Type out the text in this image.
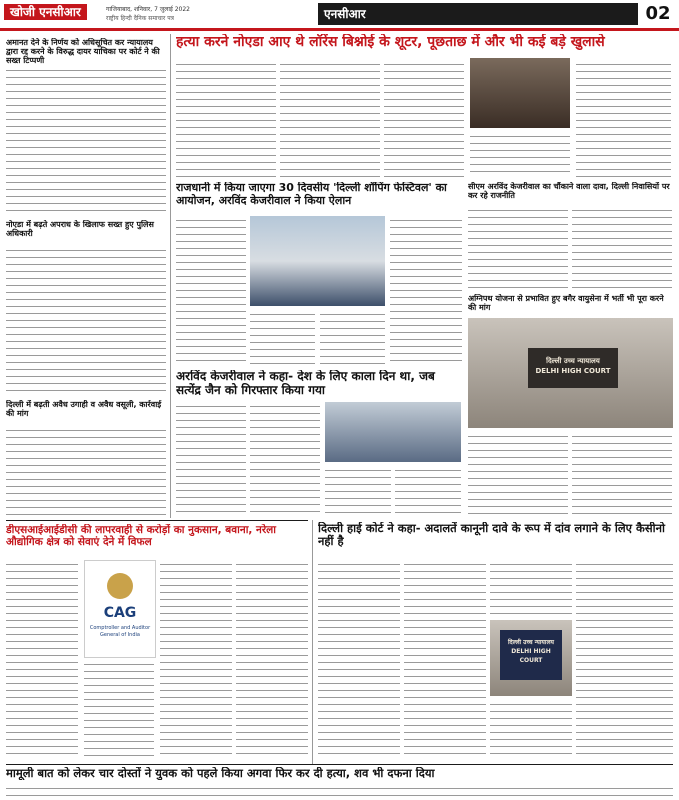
खोजी एनसीआर	गाजियाबाद, शनिवार, 7 जुलाई 2022
राष्ट्रीय हिन्दी दैनिक समाचार पत्र	एनसीआर	02
अमानत देने के निर्णय को अधिसूचित कर न्यायालय द्वारा रद्द करने के विरुद्ध दायर याचिका पर कोर्ट ने की सख्त टिप्पणी
नोएडा में बढ़ते अपराध के खिलाफ सख्त हुए पुलिस अधिकारी
दिल्ली में बढ़ती अवैध उगाही व अवैध वसूली, कार्रवाई की मांग
हत्या करने नोएडा आए थे लॉरेंस बिश्नोई के शूटर, पूछताछ में और भी कई बड़े खुलासे
राजधानी में किया जाएगा 30 दिवसीय 'दिल्ली शॉपिंग फेस्टिवल' का आयोजन, अरविंद केजरीवाल ने किया ऐलान
सीएम अरविंद केजरीवाल का चौंकाने वाला दावा, दिल्ली निवासियों पर कर रहे राजनीति
अग्निपथ योजना से प्रभावित हुए बगैर वायुसेना में भर्ती भी पूरा करने की मांग
दिल्ली उच्च न्यायालय
DELHI HIGH COURT
अरविंद केजरीवाल ने कहा- देश के लिए काला दिन था, जब सत्येंद्र जैन को गिरफ्तार किया गया
डीएसआईआईडीसी की लापरवाही से करोड़ों का नुकसान, बवाना, नरेला औद्योगिक क्षेत्र को सेवाएं देने में विफल
CAG
Comptroller and Auditor General of India
दिल्ली हाई कोर्ट ने कहा- अदालतें कानूनी दावे के रूप में दांव लगाने के लिए कैसीनो नहीं है
दिल्ली उच्च न्यायालय
DELHI HIGH COURT
मामूली बात को लेकर चार दोस्तों ने युवक को पहले किया अगवा फिर कर दी हत्या, शव भी दफना दिया
